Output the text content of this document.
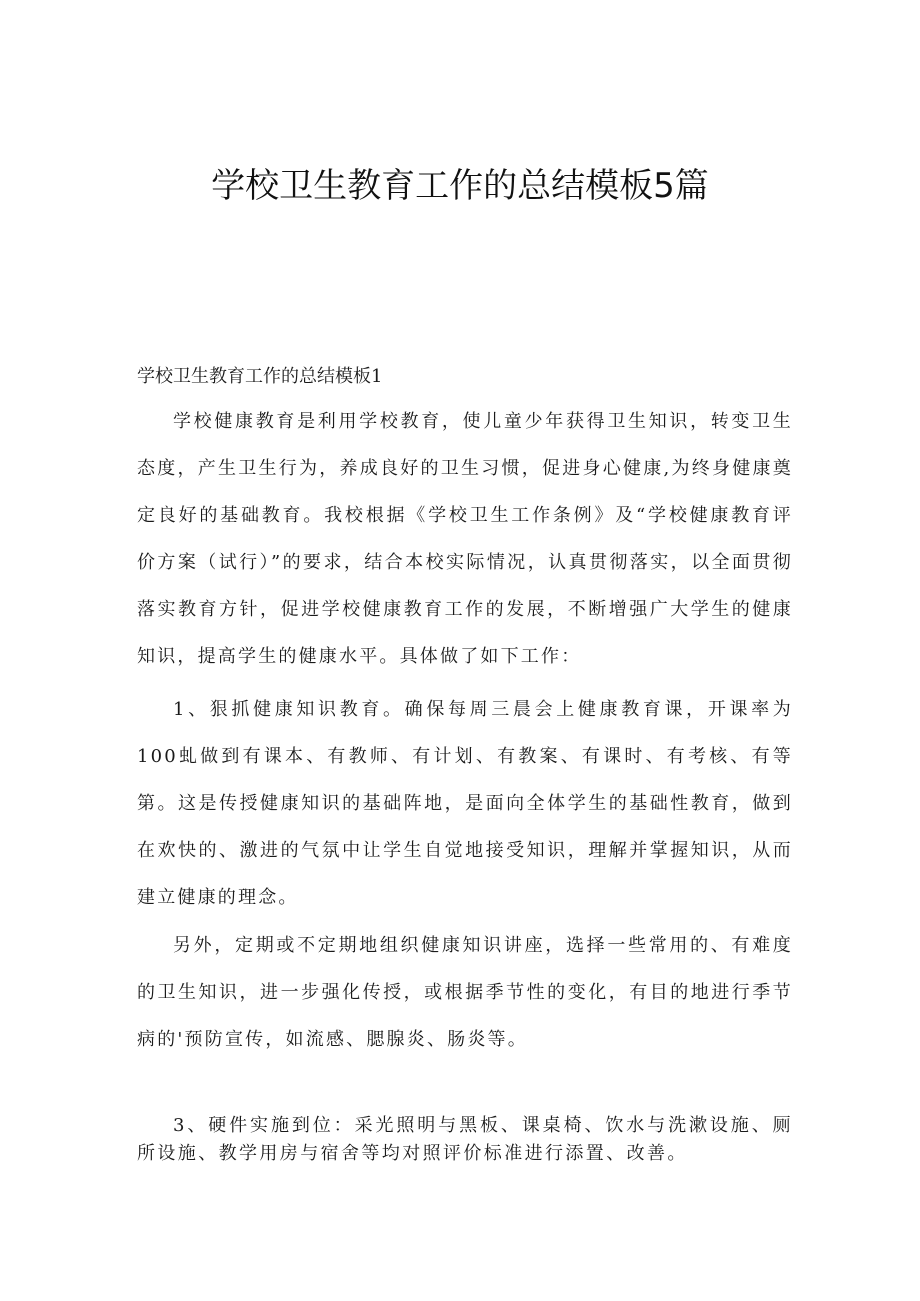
学校卫生教育工作的总结模板5篇
学校卫生教育工作的总结模板1

学校健康教育是利用学校教育，使儿童少年获得卫生知识，转变卫生态度，产生卫生行为，养成良好的卫生习惯，促进身心健康,为终身健康奠定良好的基础教育。我校根据《学校卫生工作条例》及“学校健康教育评价方案（试行）”的要求，结合本校实际情况，认真贯彻落实，以全面贯彻落实教育方针，促进学校健康教育工作的发展，不断增强广大学生的健康知识，提高学生的健康水平。具体做了如下工作：

1、狠抓健康知识教育。确保每周三晨会上健康教育课，开课率为100虬做到有课本、有教师、有计划、有教案、有课时、有考核、有等第。这是传授健康知识的基础阵地，是面向全体学生的基础性教育，做到在欢快的、激进的气氛中让学生自觉地接受知识，理解并掌握知识，从而建立健康的理念。

另外，定期或不定期地组织健康知识讲座，选择一些常用的、有难度的卫生知识，进一步强化传授，或根据季节性的变化，有目的地进行季节病的'预防宣传，如流感、腮腺炎、肠炎等。

3、硬件实施到位：采光照明与黑板、课桌椅、饮水与洗漱设施、厕所设施、教学用房与宿舍等均对照评价标准进行添置、改善。
